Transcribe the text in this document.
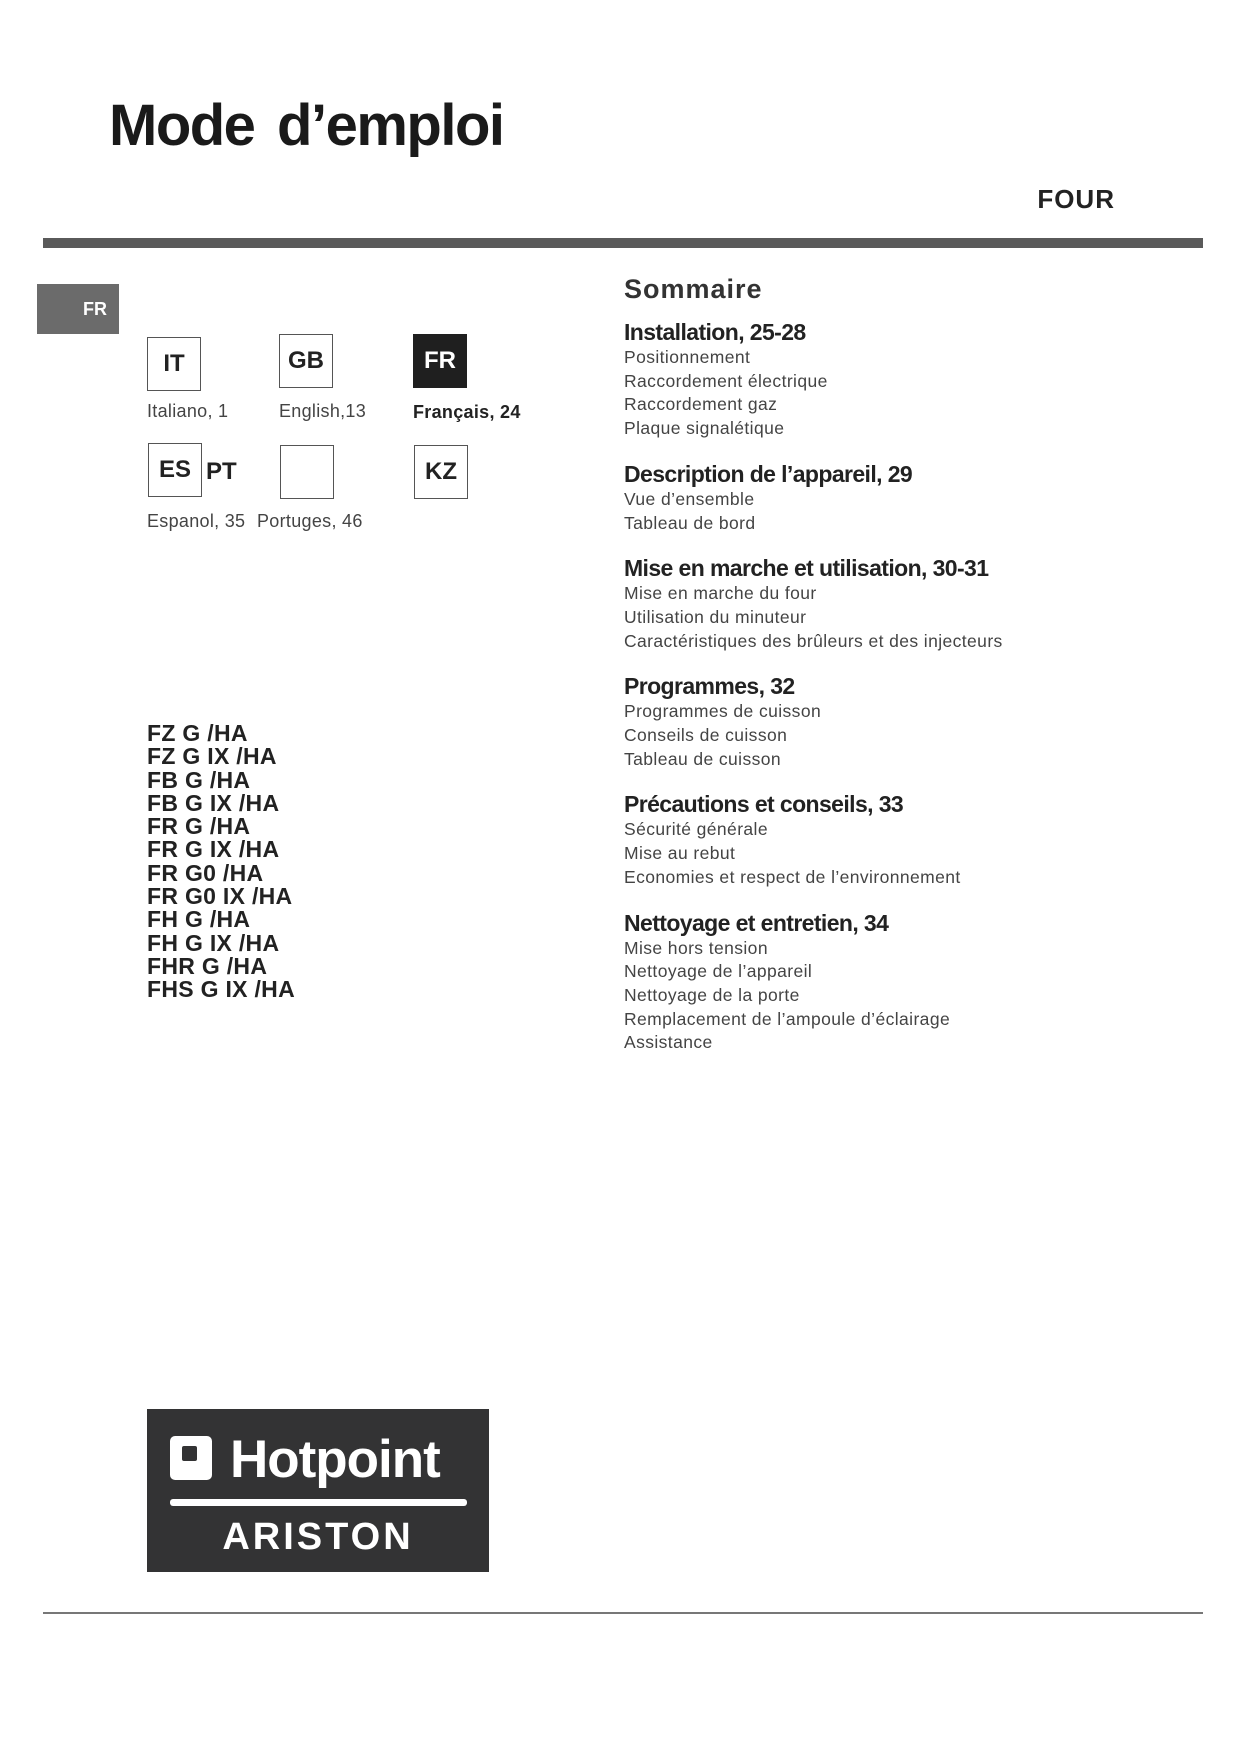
Mode d’emploi
FOUR
FR
IT
Italiano, 1
GB
English,13
FR
Français, 24
ES PT
Espanol, 35 Portuges, 46
KZ
FZ G /HA
FZ G IX /HA
FB G /HA
FB G IX /HA
FR G /HA
FR G IX /HA
FR G0 /HA
FR G0 IX /HA
FH G /HA
FH G IX /HA
FHR G /HA
FHS G IX /HA
Hotpoint
ARISTON
Sommaire
Installation, 25-28
Positionnement
Raccordement électrique
Raccordement gaz
Plaque signalétique
Description de l’appareil, 29
Vue d’ensemble
Tableau de bord
Mise en marche et utilisation, 30-31
Mise en marche du four
Utilisation du minuteur
Caractéristiques des brûleurs et des injecteurs
Programmes, 32
Programmes de cuisson
Conseils de cuisson
Tableau de cuisson
Précautions et conseils, 33
Sécurité générale
Mise au rebut
Economies et respect de l’environnement
Nettoyage et entretien, 34
Mise hors tension
Nettoyage de l’appareil
Nettoyage de la porte
Remplacement de l’ampoule d’éclairage
Assistance
